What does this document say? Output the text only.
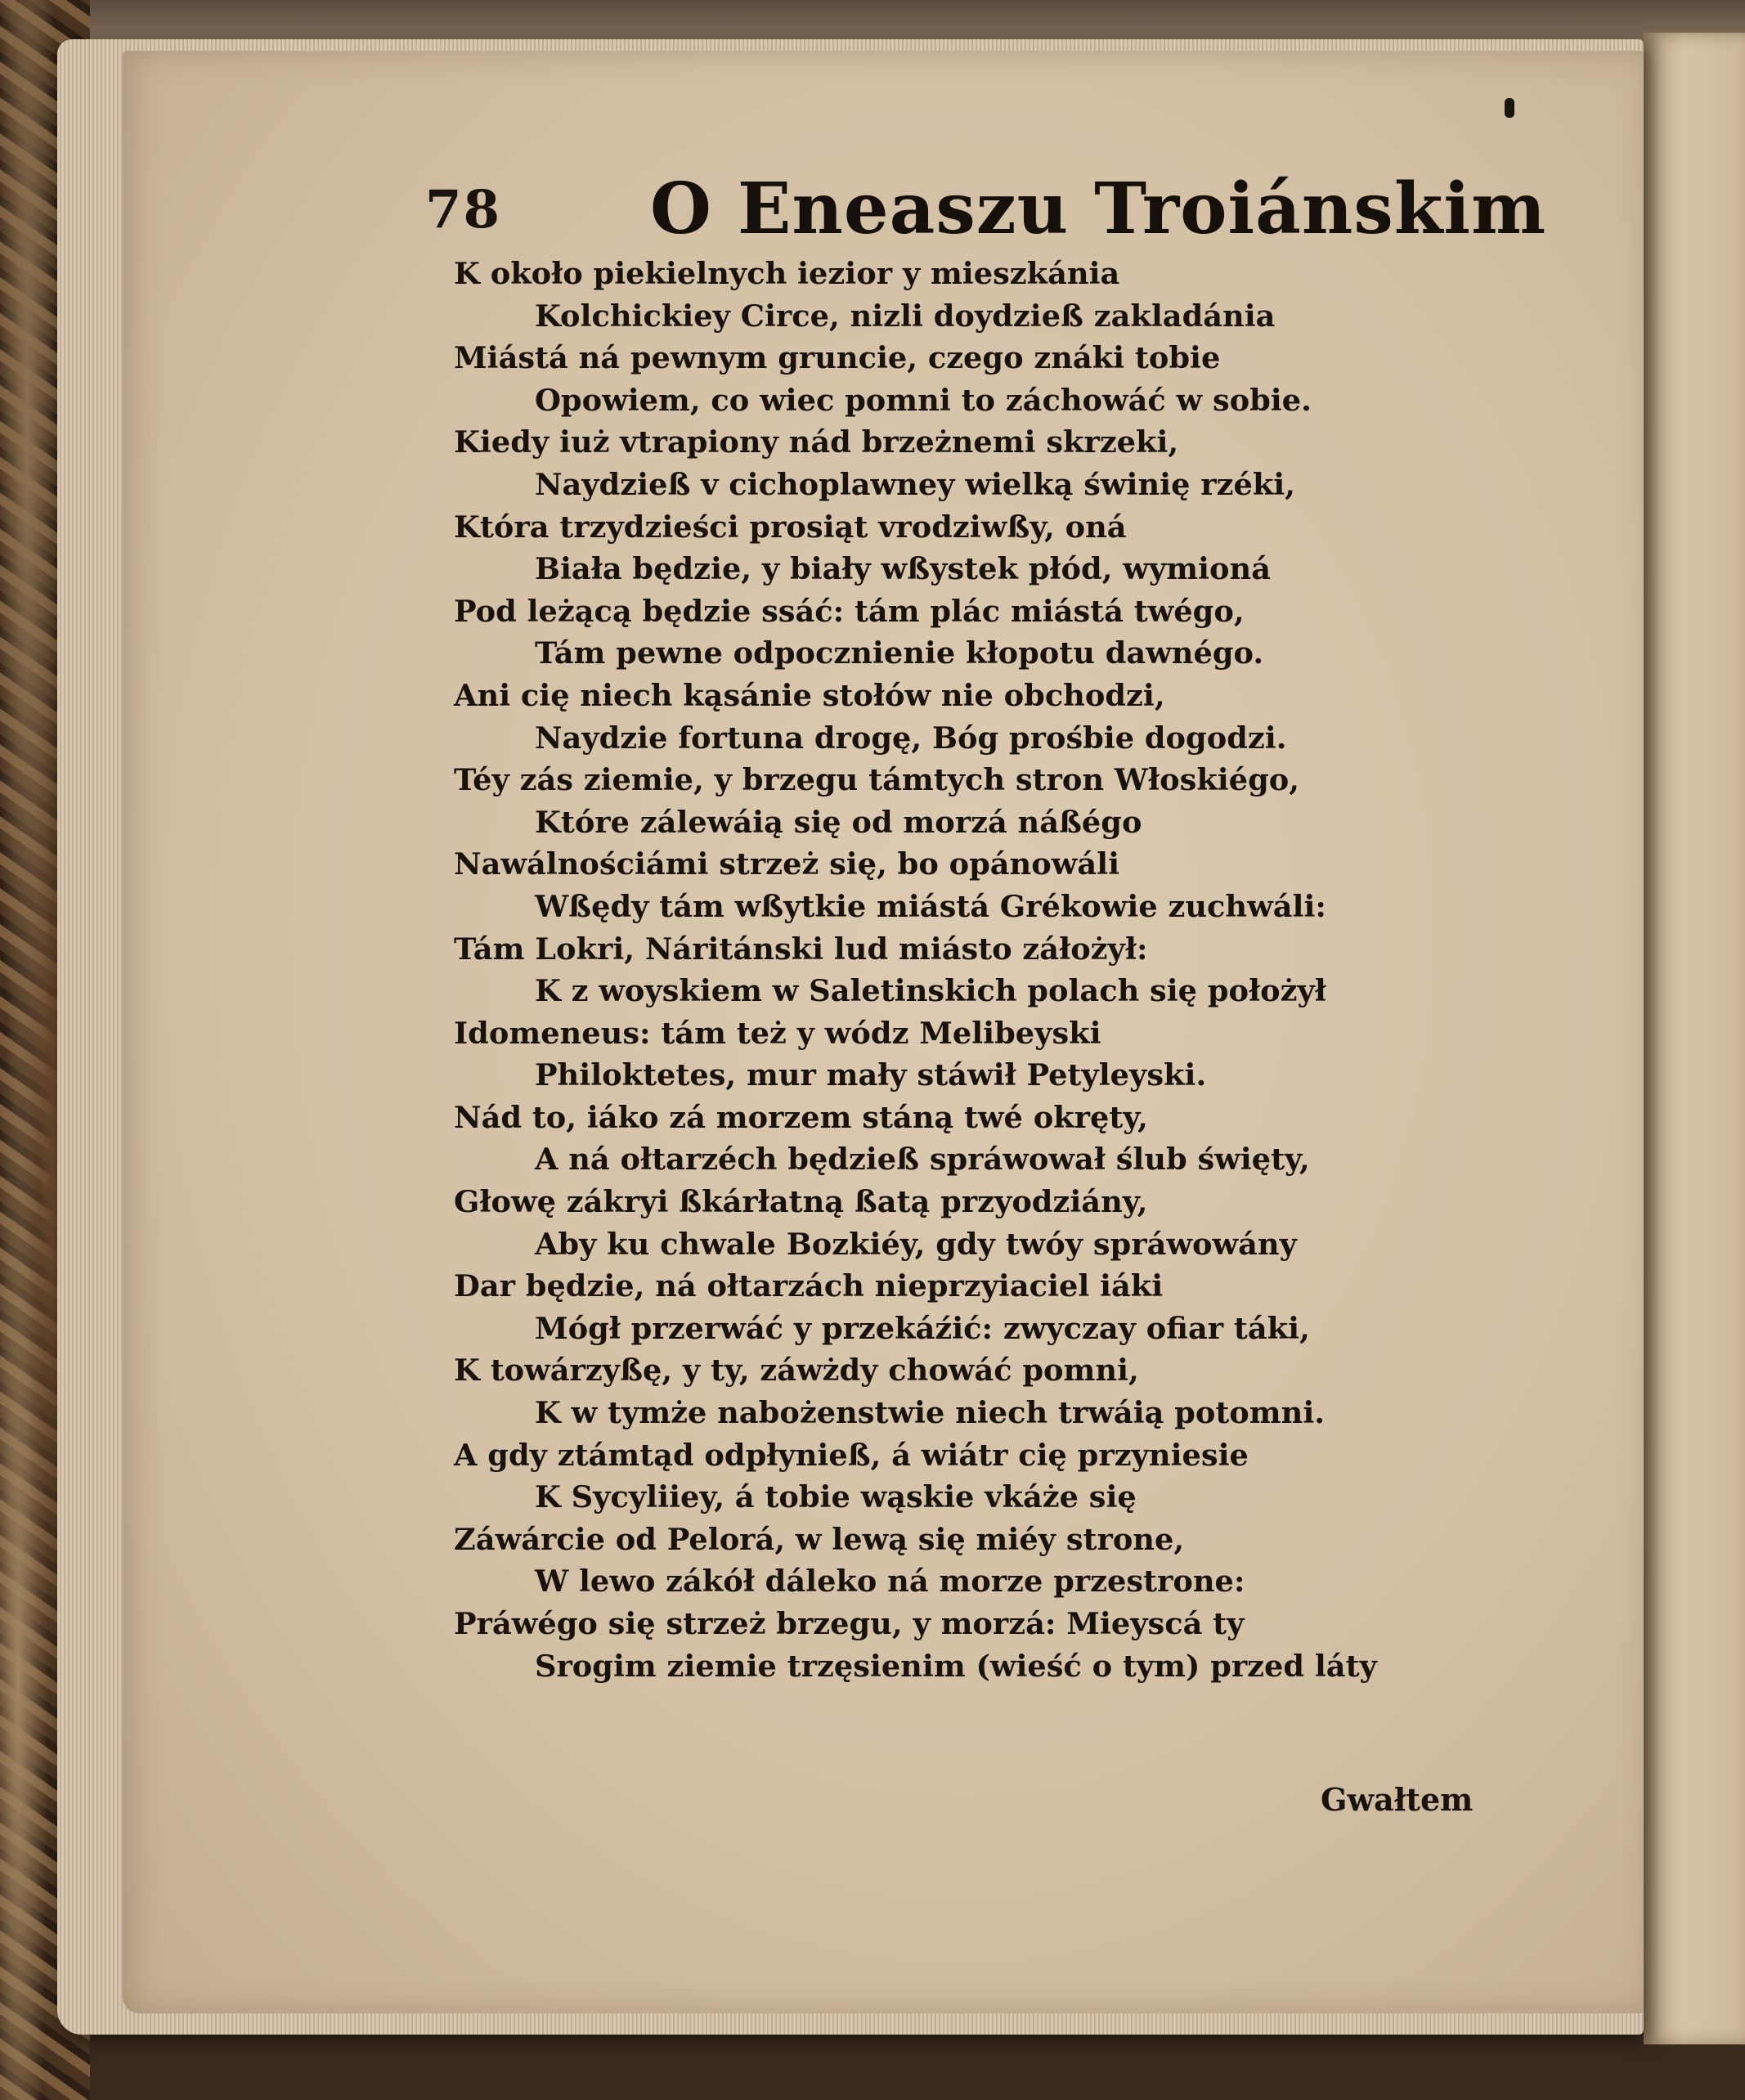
78 O Eneaszu Troiánskim
K około piekielnych iezior y mieszkánia
Kolchickiey Circe, nizli doydzieß zakladánia
Miástá ná pewnym gruncie, czego znáki tobie
Opowiem, co wiec pomni to záchowáć w sobie.
Kiedy iuż vtrapiony nád brzeżnemi skrzeki,
Naydzieß v cichoplawney wielką świnię rzéki,
Która trzydzieści prosiąt vrodziwßy, oná
Biała będzie, y biały wßystek płód, wymioná
Pod leżącą będzie ssáć: tám plác miástá twégo,
Tám pewne odpocznienie kłopotu dawnégo.
Ani cię niech kąsánie stołów nie obchodzi,
Naydzie fortuna drogę, Bóg prośbie dogodzi.
Téy zás ziemie, y brzegu támtych stron Włoskiégo,
Które zálewáią się od morzá náßégo
Nawálnościámi strzeż się, bo opánowáli
Wßędy tám wßytkie miástá Grékowie zuchwáli:
Tám Lokri, Náritánski lud miásto záłożył:
K z woyskiem w Saletinskich polach się położył
Idomeneus: tám też y wódz Melibeyski
Philoktetes, mur mały stáwił Petyleyski.
Nád to, iáko zá morzem stáną twé okręty,
A ná ołtarzéch będzieß spráwował ślub święty,
Głowę zákryi ßkárłatną ßatą przyodziány,
Aby ku chwale Bozkiéy, gdy twóy spráwowány
Dar będzie, ná ołtarzách nieprzyiaciel iáki
Mógł przerwáć y przekáźić: zwyczay ofiar táki,
K towárzyßę, y ty, záwżdy chowáć pomni,
K w tymże nabożenstwie niech trwáią potomni.
A gdy ztámtąd odpłynieß, á wiátr cię przyniesie
K Sycyliiey, á tobie wąskie vkáże się
Záwárcie od Pelorá, w lewą się miéy strone,
W lewo zákół dáleko ná morze przestrone:
Práwégo się strzeż brzegu, y morzá: Mieyscá ty
Srogim ziemie trzęsienim (wieść o tym) przed láty
Gwałtem
